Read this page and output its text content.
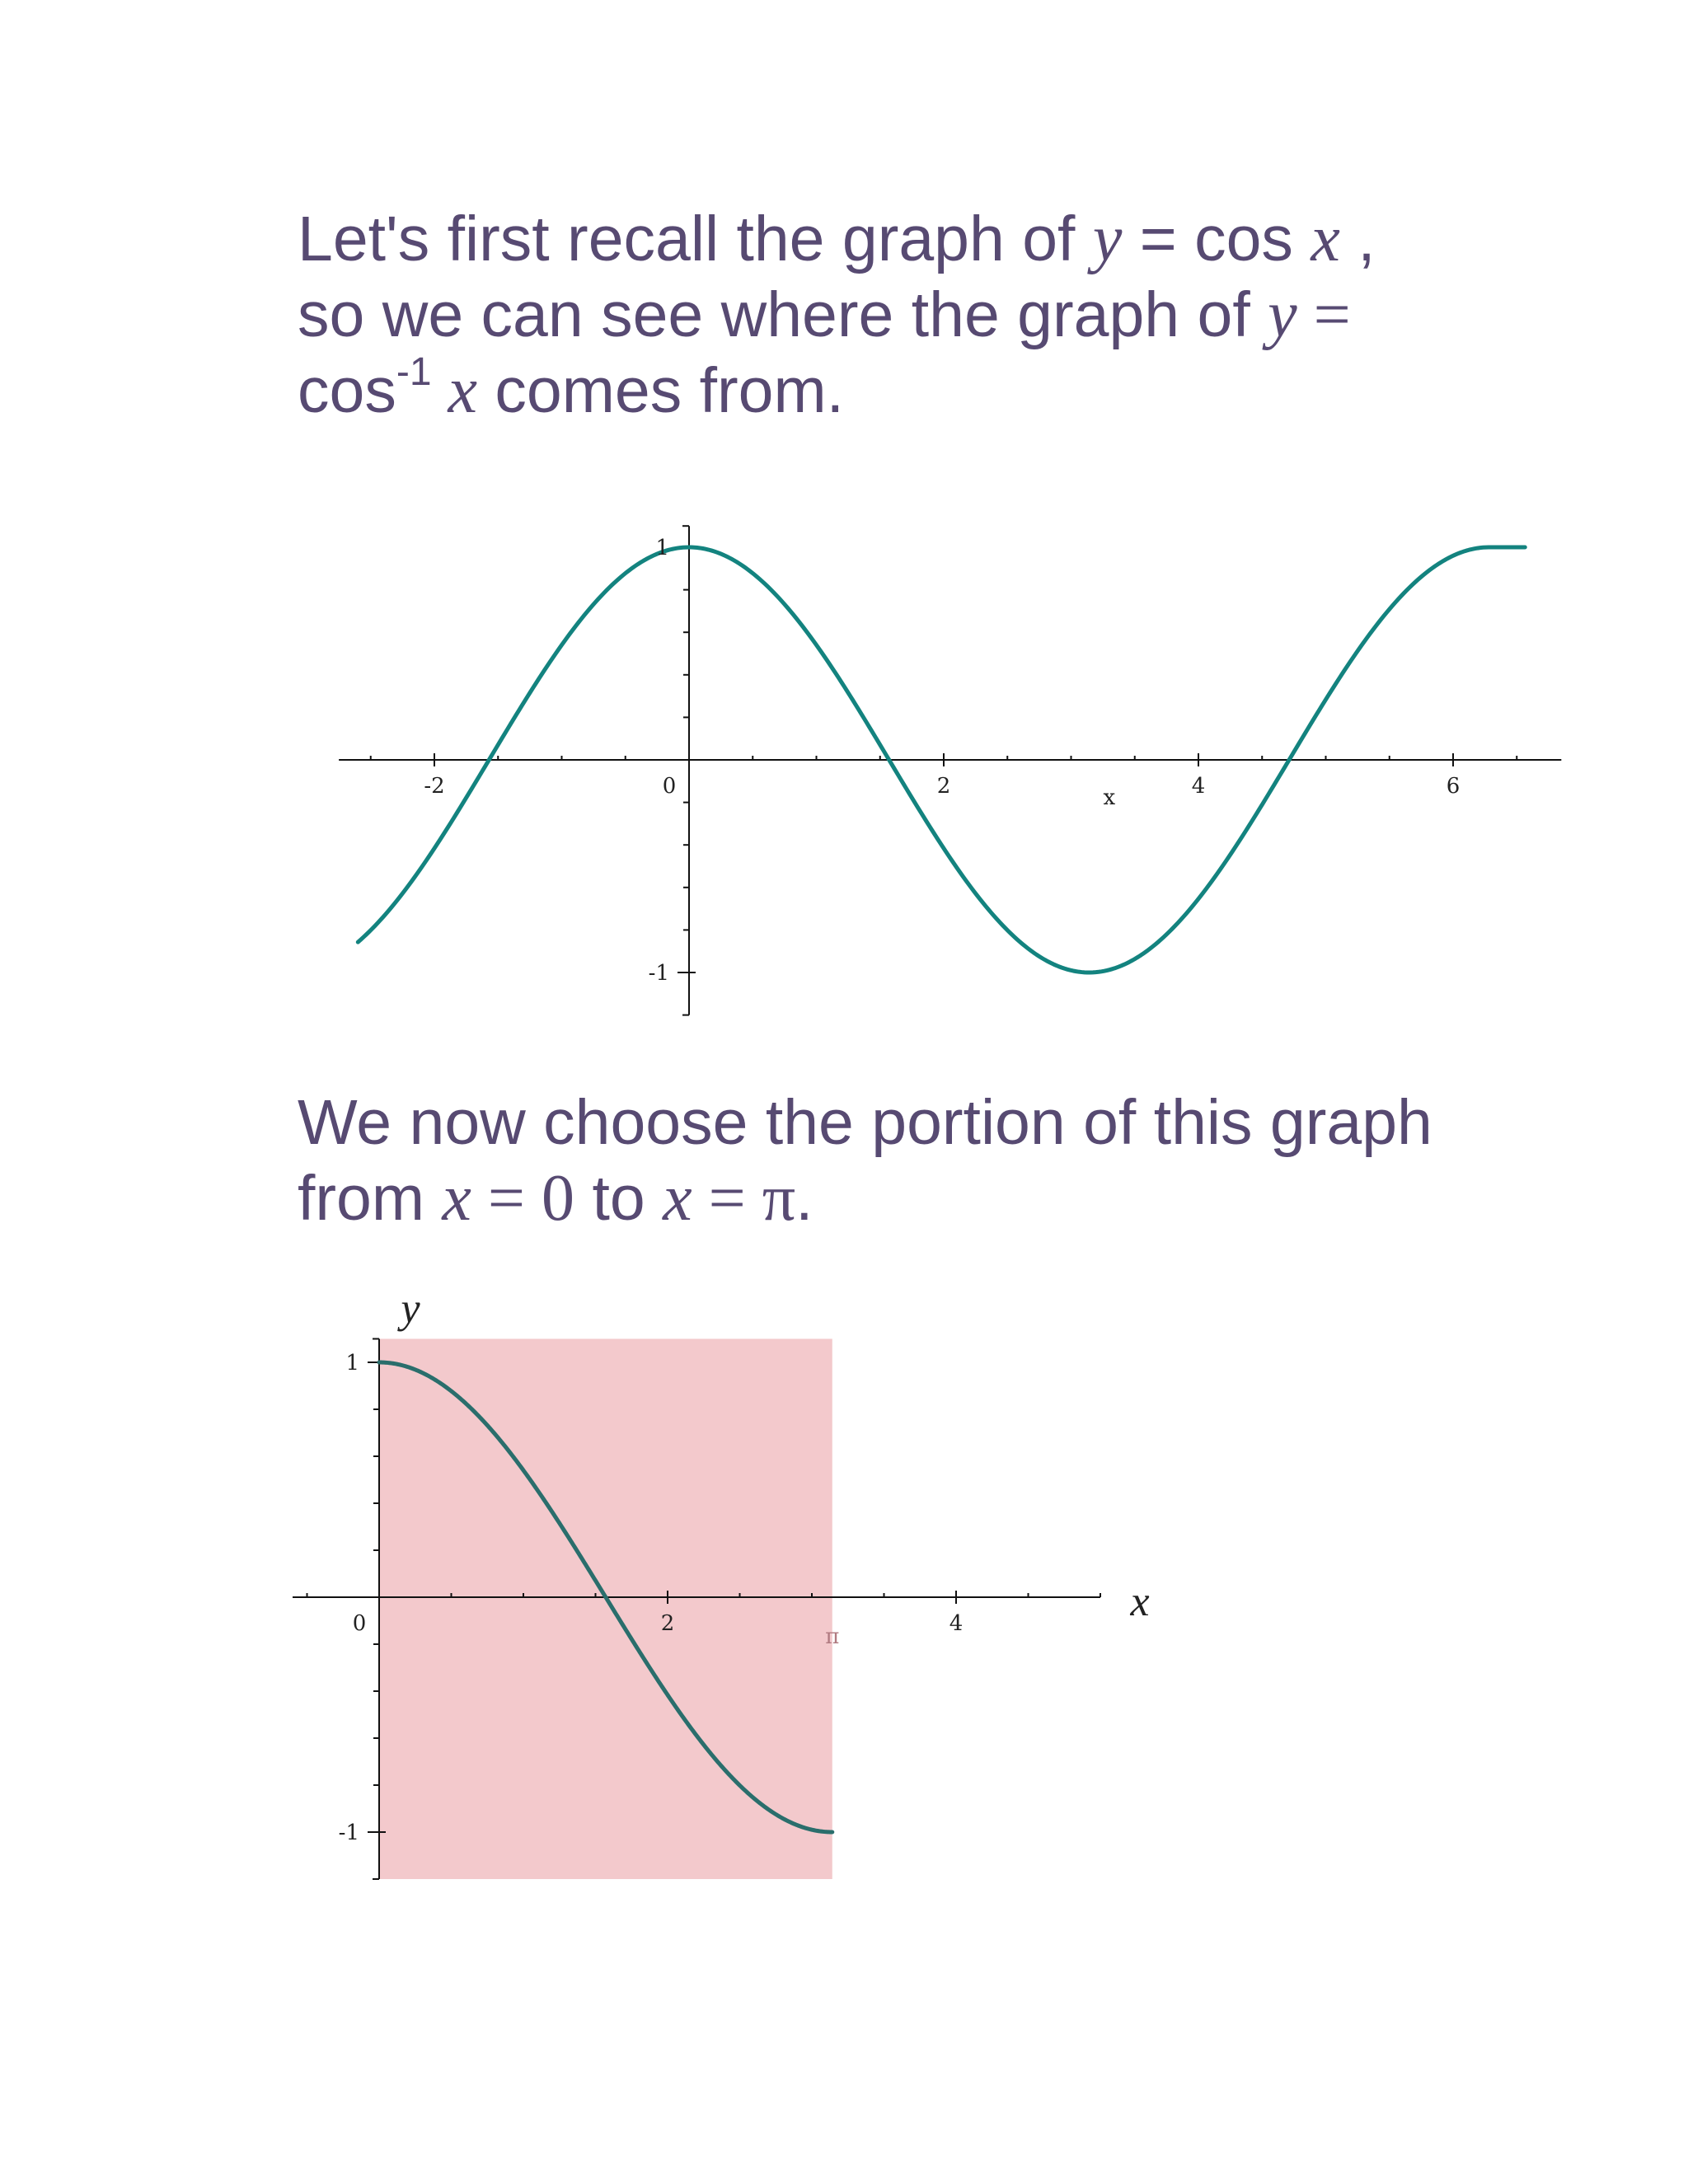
Let's first recall the graph of y = cos x ,
so we can see where the graph of y =
$\cos^{-1} x$ comes from.

-2	0	2	4	6
1
-1
x

We now choose the portion of this graph
from x = 0 to x = π.

0	2
π
4
1
-1
x
y
